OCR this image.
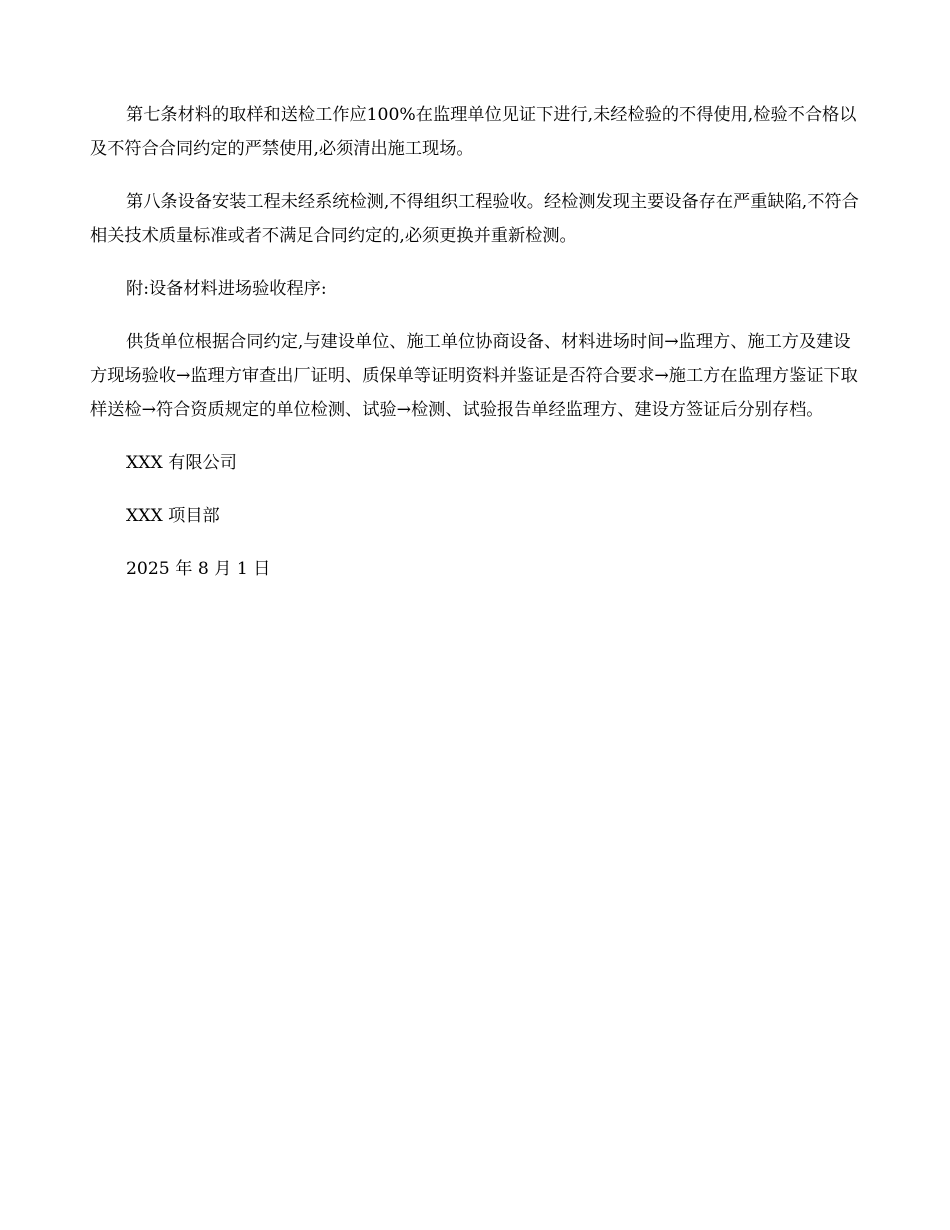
第七条材料的取样和送检工作应100%在监理单位见证下进行,未经检验的不得使用,检验不合格以及不符合合同约定的严禁使用,必须清出施工现场。

第八条设备安装工程未经系统检测,不得组织工程验收。经检测发现主要设备存在严重缺陷,不符合相关技术质量标准或者不满足合同约定的,必须更换并重新检测。

附:设备材料进场验收程序:

供货单位根据合同约定,与建设单位、施工单位协商设备、材料进场时间→监理方、施工方及建设方现场验收→监理方审查出厂证明、质保单等证明资料并鉴证是否符合要求→施工方在监理方鉴证下取样送检→符合资质规定的单位检测、试验→检测、试验报告单经监理方、建设方签证后分别存档。

XXX 有限公司

XXX 项目部

2025 年 8 月 1 日
